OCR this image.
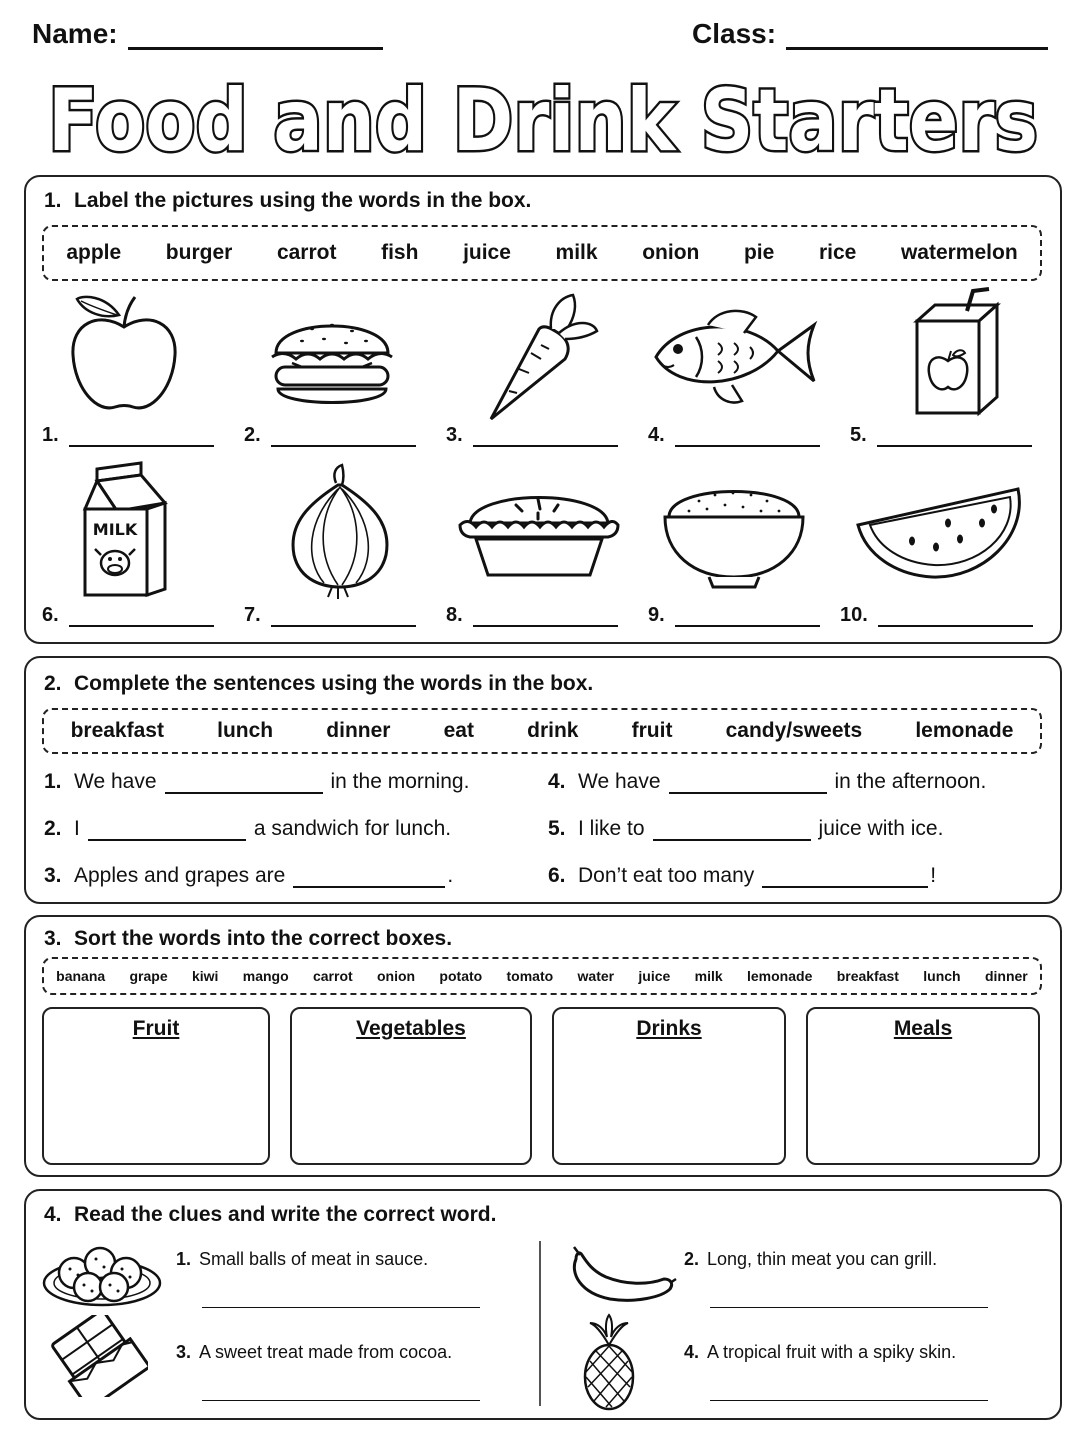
Name:	Class:
Food and Drink Starters
1. Label the pictures using the words in the box.
apple burger carrot fish juice milk onion pie rice watermelon
1.	2.	3.	4.	5.
MILK
6.	7.	8.	9.	10.
2. Complete the sentences using the words in the box.
breakfast	lunch	dinner	eat	drink	fruit	candy/sweets	lemonade
1. We have	in the morning.
2. I	a sandwich for lunch.
3. Apples and grapes are	.
4. We have	in the afternoon.
5. I like to	juice with ice.
6. Don’t eat too many	!
3. Sort the words into the correct boxes.
banana grape kiwi mango carrot onion potato tomato water juice milk lemonade breakfast lunch dinner
Fruit	Vegetables	Drinks	Meals
4. Read the clues and write the correct word.
1. Small balls of meat in sauce.	2. Long, thin meat you can grill.
3. A sweet treat made from cocoa.	4. A tropical fruit with a spiky skin.
